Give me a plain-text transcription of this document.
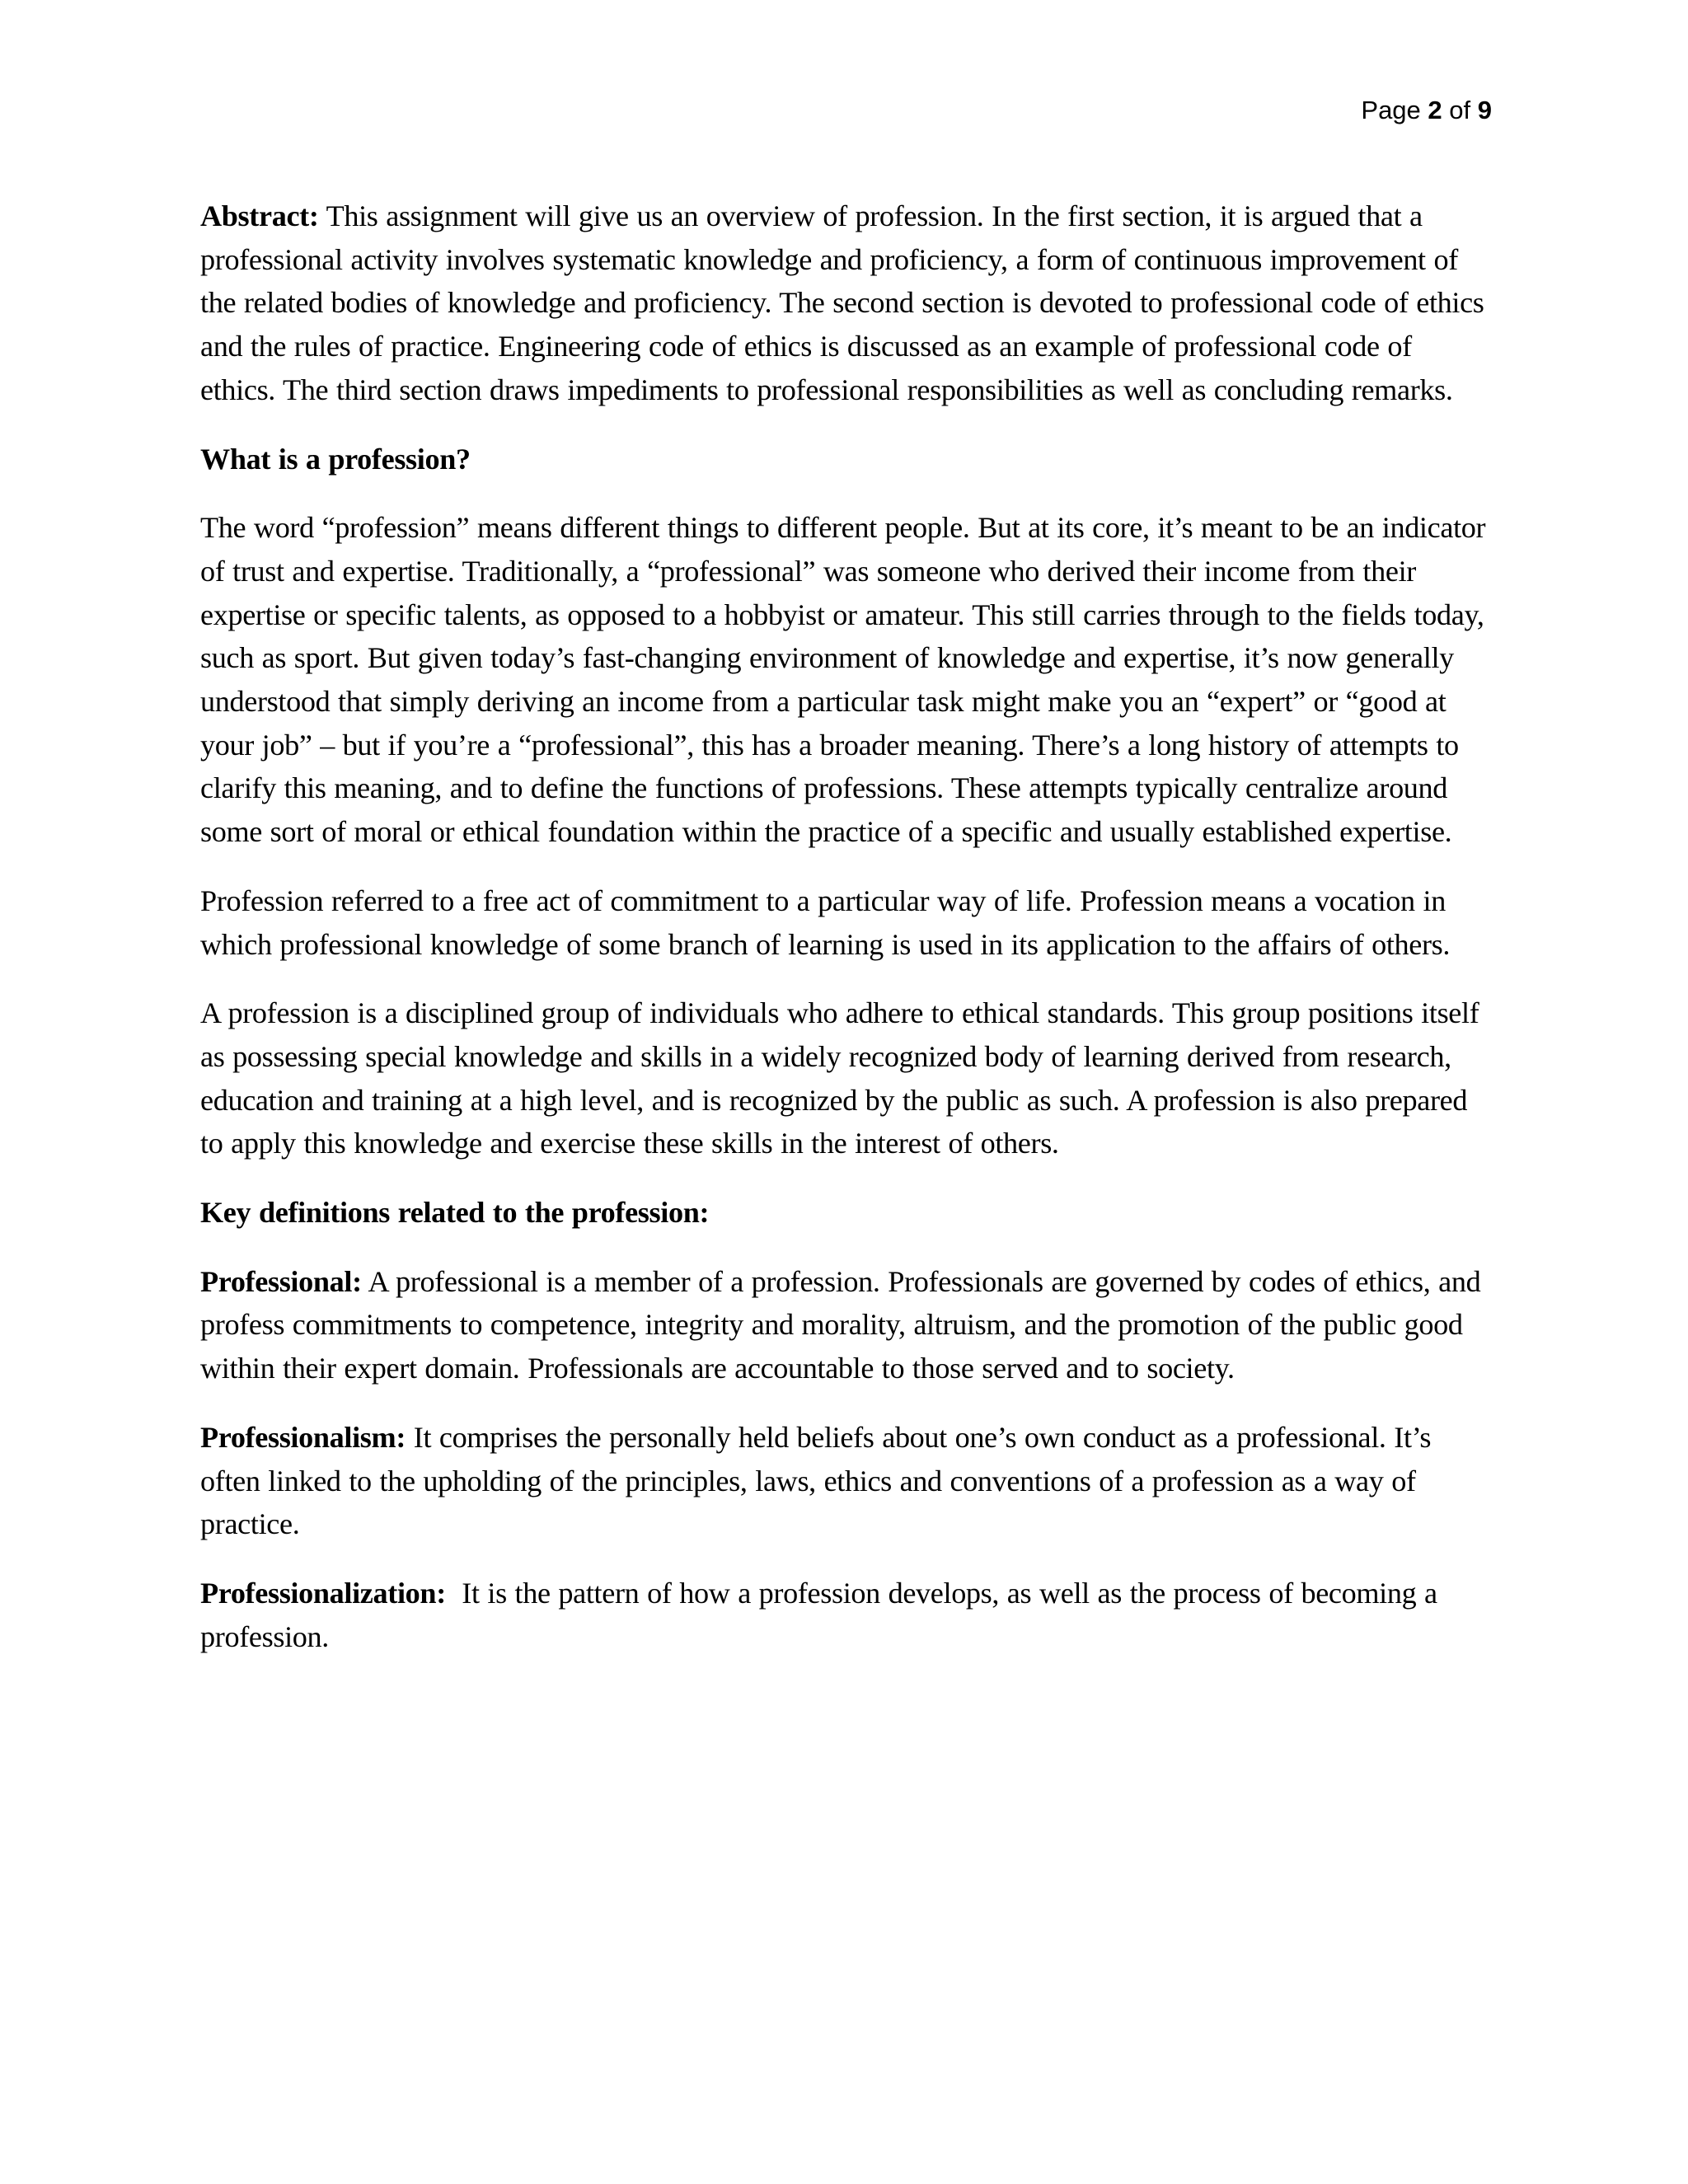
Page 2 of 9

Abstract: This assignment will give us an overview of profession. In the first section, it is argued that a professional activity involves systematic knowledge and proficiency, a form of continuous improvement of the related bodies of knowledge and proficiency. The second section is devoted to professional code of ethics and the rules of practice. Engineering code of ethics is discussed as an example of professional code of ethics. The third section draws impediments to professional responsibilities as well as concluding remarks.

What is a profession?

The word “profession” means different things to different people. But at its core, it’s meant to be an indicator of trust and expertise. Traditionally, a “professional” was someone who derived their income from their expertise or specific talents, as opposed to a hobbyist or amateur. This still carries through to the fields today, such as sport. But given today’s fast-changing environment of knowledge and expertise, it’s now generally understood that simply deriving an income from a particular task might make you an “expert” or “good at your job” – but if you’re a “professional”, this has a broader meaning. There’s a long history of attempts to clarify this meaning, and to define the functions of professions. These attempts typically centralize around some sort of moral or ethical foundation within the practice of a specific and usually established expertise.

Profession referred to a free act of commitment to a particular way of life. Profession means a vocation in which professional knowledge of some branch of learning is used in its application to the affairs of others.

A profession is a disciplined group of individuals who adhere to ethical standards. This group positions itself as possessing special knowledge and skills in a widely recognized body of learning derived from research, education and training at a high level, and is recognized by the public as such. A profession is also prepared to apply this knowledge and exercise these skills in the interest of others.

Key definitions related to the profession:

Professional: A professional is a member of a profession. Professionals are governed by codes of ethics, and profess commitments to competence, integrity and morality, altruism, and the promotion of the public good within their expert domain. Professionals are accountable to those served and to society.

Professionalism: It comprises the personally held beliefs about one’s own conduct as a professional. It’s often linked to the upholding of the principles, laws, ethics and conventions of a profession as a way of practice.

Professionalization: It is the pattern of how a profession develops, as well as the process of becoming a profession.
